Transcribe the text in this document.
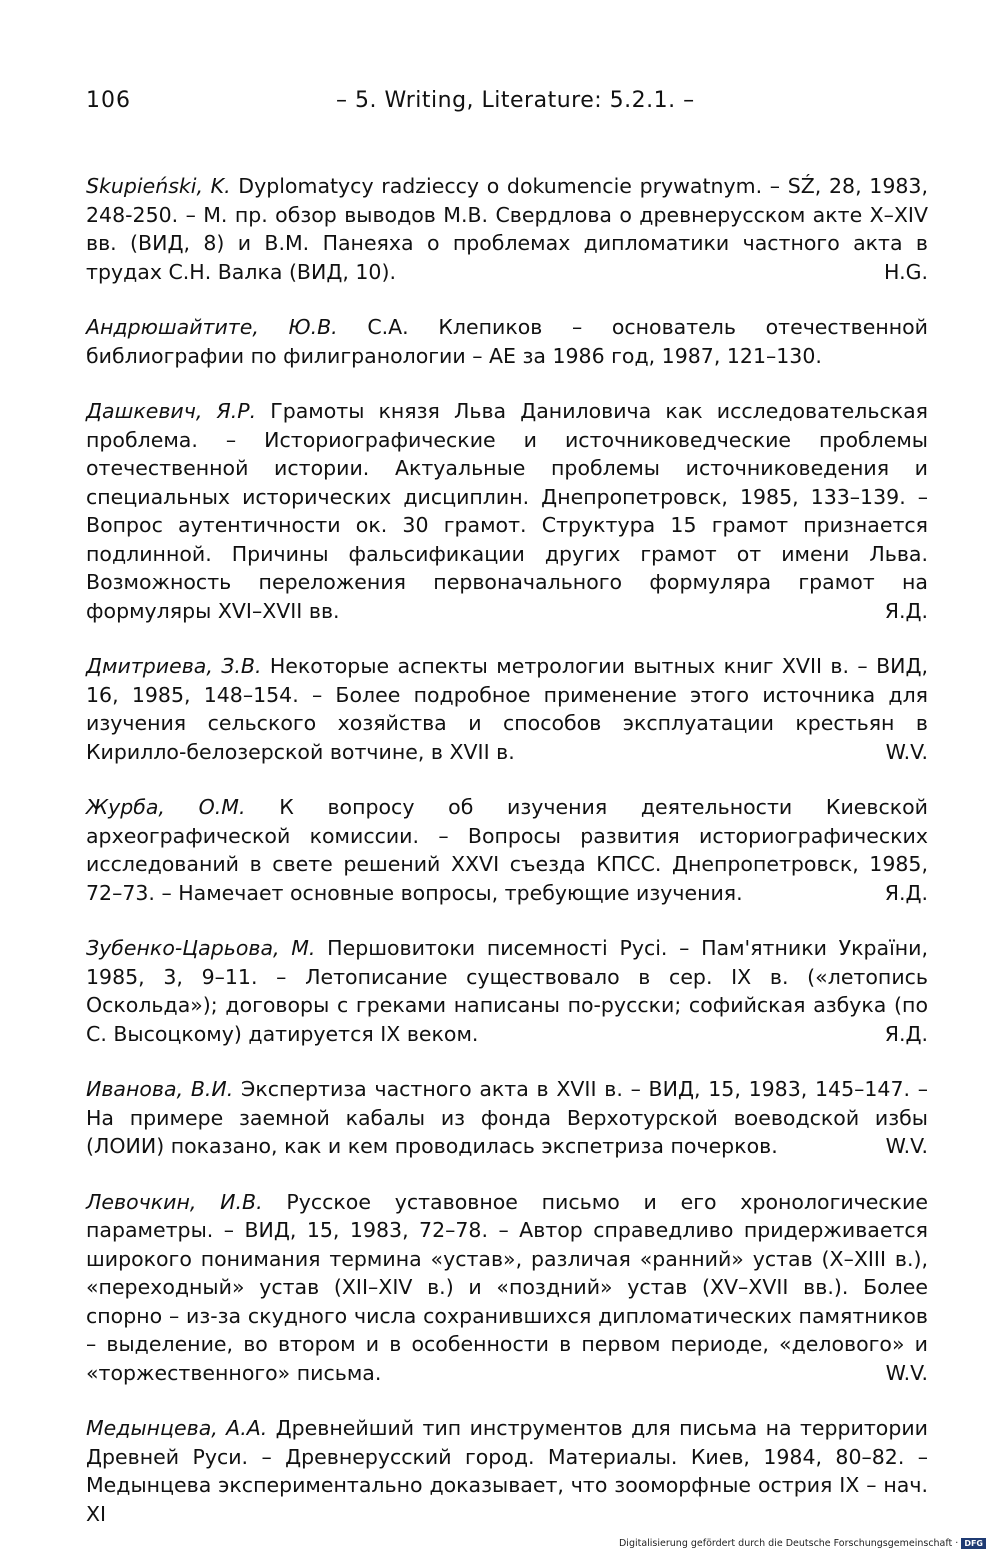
106	– 5. Writing, Literature: 5.2.1. –

Skupieński, K. Dyplomatycy radzieccy o dokumencie prywatnym. – SŹ, 28, 1983, 248-250. – М. пр. обзор выводов М.В. Свердлова о древнерусском акте X–XIV вв. (ВИД, 8) и В.М. Панеяха о проблемах дипломатики частного акта в трудах С.Н. Валка (ВИД, 10).	H.G.

Андрюшайтите, Ю.В. С.А. Клепиков – основатель отечественной библиографии по филигранологии – АЕ за 1986 год, 1987, 121–130.

Дашкевич, Я.Р. Грамоты князя Льва Даниловича как исследовательская проблема. – Историографические и источниковедческие проблемы отечественной истории. Актуальные проблемы источниковедения и специальных исторических дисциплин. Днепропетровск, 1985, 133–139. – Вопрос аутентичности ок. 30 грамот. Структура 15 грамот признается подлинной. Причины фальсификации других грамот от имени Льва. Возможность переложения первоначального формуляра грамот на формуляры XVI–XVII вв.	Я.Д.

Дмитриева, З.В. Некоторые аспекты метрологии вытных книг XVII в. – ВИД, 16, 1985, 148–154. – Более подробное применение этого источника для изучения сельского хозяйства и способов эксплуатации крестьян в Кирилло-белозерской вотчине, в XVII в.	W.V.

Журба, О.М. К вопросу об изучения деятельности Киевской археографической комиссии. – Вопросы развития историографических исследований в свете решений XXVI съезда КПСС. Днепропетровск, 1985, 72–73. – Намечает основные вопросы, требующие изучения.	Я.Д.

Зубенко-Царьова, М. Першовитоки писемності Русі. – Пам'ятники України, 1985, 3, 9–11. – Летописание существовало в сер. IX в. («летопись Оскольда»); договоры с греками написаны по-русски; софийская азбука (по С. Высоцкому) датируется IX веком.	Я.Д.

Иванова, В.И. Экспертиза частного акта в XVII в. – ВИД, 15, 1983, 145–147. – На примере заемной кабалы из фонда Верхотурской воеводской избы (ЛОИИ) показано, как и кем проводилась экспетриза почерков.	W.V.

Левочкин, И.В. Русское уставовное письмо и его хронологические параметры. – ВИД, 15, 1983, 72–78. – Автор справедливо придерживается широкого понимания термина «устав», различая «ранний» устав (X–XIII в.), «переходный» устав (XII–XIV в.) и «поздний» устав (XV–XVII вв.). Более спорно – из-за скудного числа сохранившихся дипломатических памятников – выделение, во втором и в особенности в первом периоде, «делового» и «торжественного» письма.	W.V.

Медынцева, А.А. Древнейший тип инструментов для письма на территории Древней Руси. – Древнерусский город. Материалы. Киев, 1984, 80–82. – Медынцева экспериментально доказывает, что зооморфные острия IX – нач. XI

Digitalisierung gefördert durch die Deutsche Forschungsgemeinschaft · DFG
